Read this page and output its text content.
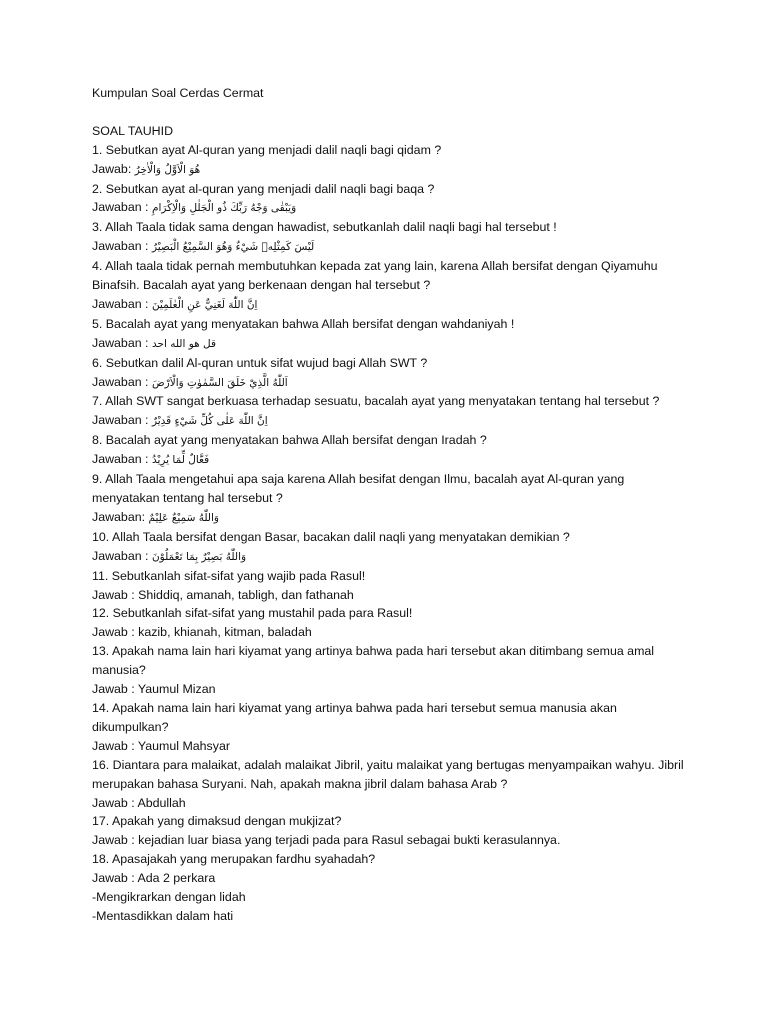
Kumpulan Soal Cerdas Cermat
SOAL TAUHID
1. Sebutkan ayat Al-quran yang menjadi dalil naqli bagi qidam ?
Jawab: هُوَ الْاَوَّلُ وَالْاٰخِرُ
2. Sebutkan ayat al-quran yang menjadi dalil naqli bagi baqa ?
Jawaban : وَيَبْقٰى وَجْهُ رَبِّكَ ذُو الْجَلٰلِ وَالْاِكْرَامِ
3. Allah Taala tidak sama dengan hawadist, sebutkanlah dalil naqli bagi hal tersebut !
Jawaban : لَيْسَ كَمِثْلِهٖ شَيْءٌ وَهُوَ السَّمِيْعُ الْبَصِيْرُ
4. Allah taala tidak pernah membutuhkan kepada zat yang lain, karena Allah bersifat dengan Qiyamuhu Binafsih. Bacalah ayat yang berkenaan dengan hal tersebut ?
Jawaban : اِنَّ اللّٰهَ لَغَنِيٌّ عَنِ الْعٰلَمِيْنَ
5. Bacalah ayat yang menyatakan bahwa Allah bersifat dengan wahdaniyah !
Jawaban : قل هو الله احد
6. Sebutkan dalil Al-quran untuk sifat wujud bagi Allah SWT ?
Jawaban : اَللّٰهُ الَّذِيْ خَلَقَ السَّمٰوٰتِ وَالْاَرْضَ
7. Allah SWT sangat berkuasa terhadap sesuatu, bacalah ayat yang menyatakan tentang hal tersebut ?
Jawaban : اِنَّ اللّٰهَ عَلٰى كُلِّ شَيْءٍ قَدِيْرٌ
8. Bacalah ayat yang menyatakan bahwa Allah bersifat dengan Iradah ?
Jawaban : فَعَّالٌ لِّمَا يُرِيْدُ
9. Allah Taala mengetahui apa saja karena Allah besifat dengan Ilmu, bacalah ayat Al-quran yang menyatakan tentang hal tersebut ?
Jawaban: وَاللّٰهُ سَمِيْعٌ عَلِيْمٌ
10. Allah Taala bersifat dengan Basar, bacakan dalil naqli yang menyatakan demikian ?
Jawaban : وَاللّٰهُ بَصِيْرٌ بِمَا تَعْمَلُوْنَ
11. Sebutkanlah sifat-sifat yang wajib pada Rasul!
Jawab : Shiddiq, amanah, tabligh, dan fathanah
12. Sebutkanlah sifat-sifat yang mustahil pada para Rasul!
Jawab : kazib, khianah, kitman, baladah
13. Apakah nama lain hari kiyamat yang artinya bahwa pada hari tersebut akan ditimbang semua amal manusia?
Jawab : Yaumul Mizan
14. Apakah nama lain hari kiyamat yang artinya bahwa pada hari tersebut semua manusia akan dikumpulkan?
Jawab : Yaumul Mahsyar
16. Diantara para malaikat, adalah malaikat Jibril, yaitu malaikat yang bertugas menyampaikan wahyu. Jibril merupakan bahasa Suryani. Nah, apakah makna jibril dalam bahasa Arab ?
Jawab : Abdullah
17. Apakah yang dimaksud dengan mukjizat?
Jawab : kejadian luar biasa yang terjadi pada para Rasul sebagai bukti kerasulannya.
18. Apasajakah yang merupakan fardhu syahadah?
Jawab : Ada 2 perkara
-Mengikrarkan dengan lidah
-Mentasdikkan dalam hati
